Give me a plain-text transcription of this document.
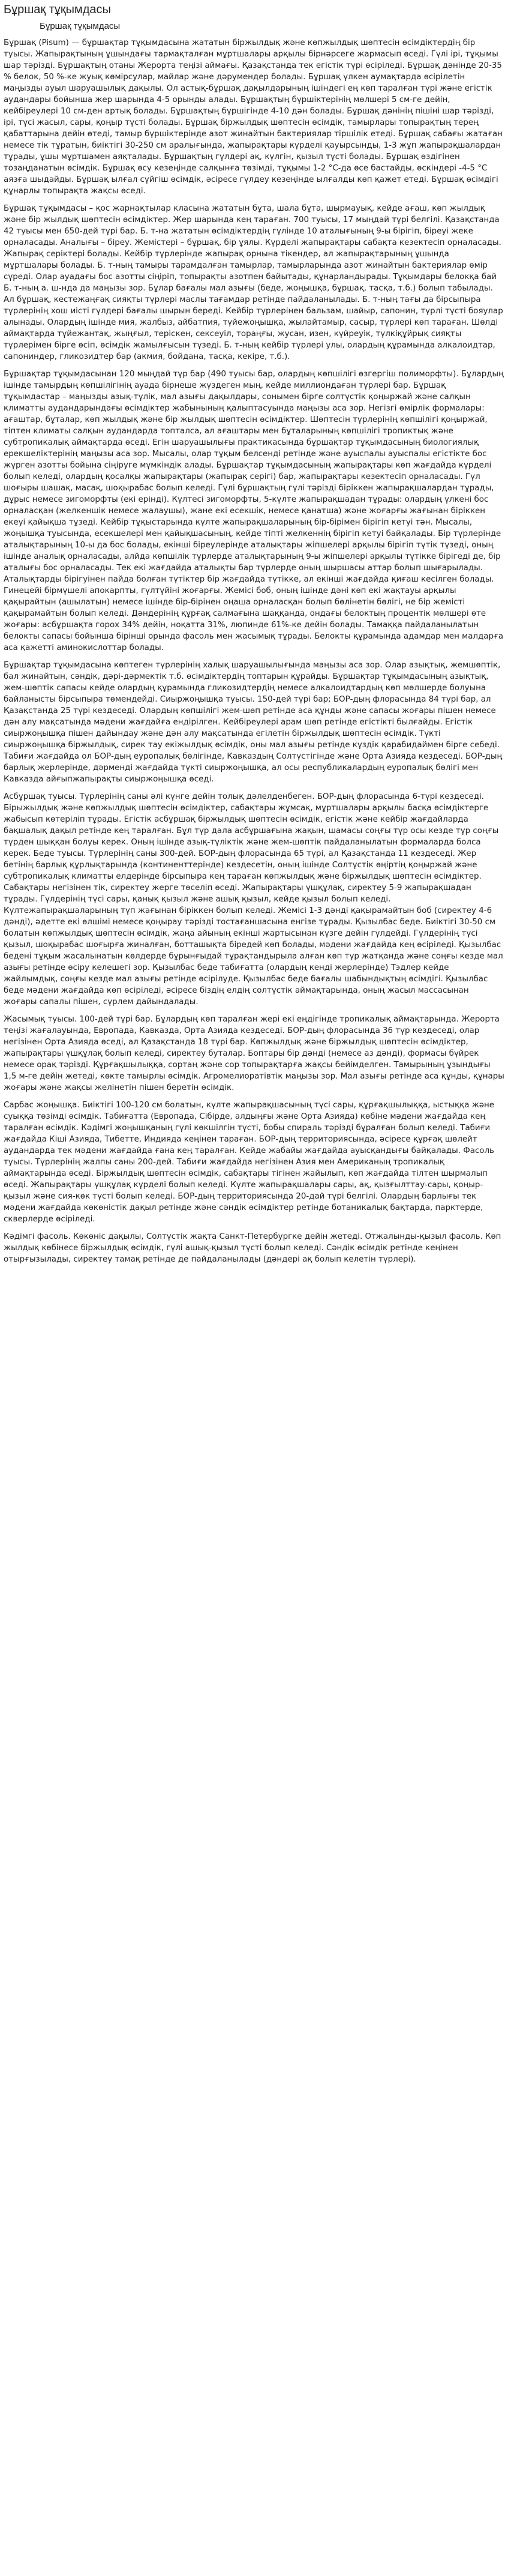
Бұршақ тұқымдасы
Бұршақ тұқымдасы

Бұршақ (Pisum) — бұршақтар тұқымдасына жататын біржылдық және көпжылдық шөптесін өсімдіктердің бір туысы. Жапырақтының ұшындағы тармақталған мұртшалары арқылы бірнәрсеге жармасып өседі. Гүлі ірі, тұқымы шар тәрізді. Бұршақтың отаны Жерорта теңізі аймағы. Қазақстанда тек егістік түрі өсіріледі. Бұршақ дәнінде 20-35 % белок, 50 %-ке жуық көмірсулар, майлар және дәрумендер болады. Бұршақ үлкен аумақтарда өсірілетін маңызды ауыл шаруашылық дақылы. Ол астық-бұршақ дақылдарының ішіндегі ең көп таралған түрі және егістік аудандары бойынша жер шарында 4-5 орынды алады. Бұршақтың бүршіктерінің мөлшері 5 см-ге дейін, кейбіреулері 10 см-ден артық болады. Бұршақтың бүршігінде 4-10 дән болады. Бұршақ дәнінің пішіні шар тәрізді, ірі, түсі жасыл, сары, қоңыр түсті болады. Бұршақ біржылдық шөптесін өсімдік, тамырлары топырақтың терең қабаттарына дейін өтеді, тамыр бүршіктерінде азот жинайтын бактериялар тіршілік етеді. Бұршақ сабағы жатаған немесе тік тұратын, биіктігі 30-250 см аралығында, жапырақтары күрделі қауырсынды, 1-3 жұп жапырақшалардан тұрады, ұшы мұртшамен аяқталады. Бұршақтың гүлдері ақ, күлгін, қызыл түсті болады. Бұршақ өздігінен тозаңданатын өсімдік. Бұршақ өсу кезеңінде салқынға төзімді, тұқымы 1-2 °C-да өсе бастайды, өскіндері -4-5 °C аязға шыдайды. Бұршақ ылғал сүйгіш өсімдік, әсіресе гүлдеу кезеңінде ылғалды көп қажет етеді. Бұршақ өсімдігі құнарлы топырақта жақсы өседі.

Бұршақ тұқымдасы – қос жарнақтылар класына жататын бұта, шала бұта, шырмауық, кейде ағаш, көп жылдық және бір жылдық шөптесін өсімдіктер. Жер шарында кең тараған. 700 туысы, 17 мыңдай түрі белгілі. Қазақстанда 42 туысы мен 650-дей түрі бар. Б. т-на жататын өсімдіктердің гүлінде 10 аталығының 9-ы бірігіп, біреуі жеке орналасады. Аналығы – біреу. Жемістері – бұршақ, бір ұялы. Күрделі жапырақтары сабақта кезектесіп орналасады. Жапырақ серіктері болады. Кейбір түрлерінде жапырақ орнына тікендер, ал жапырақтарының ұшында мұртшалары болады. Б. т-ның тамыры тарамдалған тамырлар, тамырларында азот жинайтын бактериялар өмір сүреді. Олар ауадағы бос азотты сіңіріп, топырақты азотпен байытады, құнарландырады. Тұқымдары белокқа бай Б. т-ның а. ш-нда да маңызы зор. Бұлар бағалы мал азығы (беде, жоңышқа, бұршақ, тасқа, т.б.) болып табылады. Ал бұршақ, кестежаңғақ сияқты түрлері маслы тағамдар ретінде пайдаланылады. Б. т-ның тағы да бірсыпыра түрлерінің хош иісті гүлдері бағалы шырын береді. Кейбір түрлерінен бальзам, шайыр, сапонин, түрлі түсті бояулар алынады. Олардың ішінде мия, жалбыз, айбатпия, түйежоңышқа, жылайтамыр, сасыр, түрлері көп тараған. Шөлді аймақтарда түйежантақ, жыңғыл, теріскен, сексеуіл, тораңғы, жусан, изен, күйреуік, түлкіқұйрық сияқты түрлерімен бірге өсіп, өсімдік жамылғысын түзеді. Б. т-ның кейбір түрлері улы, олардың құрамында алкалоидтар, сапониндер, гликозидтер бар (акмия, бойдана, тасқа, кекіре, т.б.).

Бұршақтар тұқымдасынан 120 мыңдай түр бар (490 туысы бар, олардың көпшілігі өзгергіш полиморфты). Бұлардың ішінде тамырдың көпшілігінің ауада бірнеше жүздеген мың, кейде миллиондаған түрлері бар. Бұршақ тұқымдастар – маңызды азық-түлік, мал азығы дақылдары, сонымен бірге солтүстік қоңыржай және салқын климатты аудандарындағы өсімдіктер жабынының қалыптасуында маңызы аса зор. Негізгі өмірлік формалары: ағаштар, бұталар, көп жылдық және бір жылдық шөптесін өсімдіктер. Шөптесін түрлерінің көпшілігі қоңыржай, тіптен климаты салқын аудандарда топталса, ал ағаштары мен бұталарының көпшілігі тропиктық және субтропикалық аймақтарда өседі. Егін шаруашылығы практикасында бұршақтар тұқымдасының биологиялық ерекшеліктерінің маңызы аса зор. Мысалы, олар тұқым белсенді ретінде және ауыспалы ауыспалы егістікте бос жүрген азотты бойына сіңіруге мүмкіндік алады. Бұршақтар тұқымдасының жапырақтары көп жағдайда күрделі болып келеді, олардың қосалқы жапырақтары (жапырақ серігі) бар, жапырақтары кезектесіп орналасады. Гүл шоғыры шашақ, масақ, шоқырабас болып келеді. Гүлі бұршақтың гүлі тәрізді біріккен жапырақшалардан тұрады, дұрыс немесе зигоморфты (екі ерінді). Күлтесі зигоморфты, 5-күлте жапырақшадан тұрады: олардың үлкені бос орналасқан (желкеншік немесе жалаушы), жане екі есекшік, немесе қанатша) және жоғарғы жағынан біріккен екеуі қайықша тұзеді. Кейбір тұқыстарында күлте жапырақшаларының бір-бірімен бірігіп кетуі тән. Мысалы, жоңышқа туысында, есекшелері мен қайықшасының, кейде тіпті желкеннің бірігіп кетуі байқалады. Бір түрлерінде аталықтарының 10-ы да бос болады, екінші біреулерінде аталықтары жіпшелері арқылы бірігіп түтік түзеді, оның ішінде аналық орналасады, алйда көпшілік түрлерде аталықтарының 9-ы жіпшелері арқылы түтікке бірігеді де, бір аталығы бос орналасады. Тек екі жағдайда аталықты бар түрлерде оның шыршасы аттар болып шығарылады. Аталықтарды бірігуінен пайда болған түтіктер бір жағдайда түтікке, ал екінші жағдайда қиғаш кесілген болады. Гинецейі бірмүшелі апокарпты, гүлтүйіні жоғарғы. Жемісі боб, оның ішінде дәні көп екі жақтауы арқылы қақырайтын (ашылатын) немесе ішінде бір-бірінен оңаша орналасқан болып бөлінетін бөлігі, не бір жемісті қақырамайтын болып келеді. Дәндерінің құрғақ салмағына шаққанда, ондағы белоктың процентік мөлшері өте жоғары: асбұршақта горох 34% дейін, ноқатта 31%, люпинде 61%-ке дейін болады. Тамаққа пайдаланылатын белокты сапасы бойынша бірінші орында фасоль мен жасымық тұрады. Белокты құрамында адамдар мен малдарға аса қажетті аминокислоттар болады.

Бұршақтар тұқымдасына көптеген түрлерінің халық шаруашылығында маңызы аса зор. Олар азықтық, жемшөптік, бал жинайтын, сәндік, дәрі-дәрмектік т.б. өсімдіктердің топтарын құрайды. Бұршақтар тұқымдасының азықтық, жем-шөптік сапасы кейде олардың құрамында гликозидтердің немесе алкалоидтардың көп мөлшерде болуына байланысты бірсыпыра төмендейді. Сиыржоңышқа туысы. 150-дей түрі бар; БОР-дың флорасында 84 түрі бар, ал Қазақстанда 25 түрі кездеседі. Олардың көпшілігі жем-шөп ретінде аса құнды және сапасы жоғары пішен немесе дән алу мақсатында мәдени жағдайға ендірілген. Кейбіреулері арам шөп ретінде егістікті былғайды. Егістік сиыржоңышқа пішен дайындау және дән алу мақсатында егілетін біржылдық шөптесін өсімдік. Түкті сиыржоңышқа біржылдық, сирек тау екіжылдық өсімдік, оны мал азығы ретінде күздік қарабидаймен бірге себеді. Табиғи жағдайда ол БОР-дың еуропалық бөлігінде, Кавказдың Солтүстігінде және Орта Азияда кездеседі. БОР-дың барлық жерлерінде, дәрменді жағдайда түкті сиыржоңышқа, ал осы республикалардың еуропалық бөлігі мен Кавказда айғыпжапырақты сиыржоңышқа өседі.

Асбұршақ туысы. Түрлерінің саны әлі күнге дейін толық дәлелденбеген. БОР-дың флорасында 6-түрі кездеседі. Бірыжылдық және көпжылдық шөптесін өсімдіктер, сабақтары жұмсақ, мұртшалары арқылы басқа өсімдіктерге жабысып көтеріліп тұрады. Егістік асбұршақ біржылдық шөптесін өсімдік, егістік және кейбір жағдайларда бақшалық дақыл ретінде кең таралған. Бұл түр дала асбұршағына жақын, шамасы соңғы түр осы кезде түр соңғы түрден шыққан болуы керек. Оның ішінде азық-түліктік және жем-шөптік пайдаланылатын формаларда болса керек. Беде туысы. Түрлерінің саны 300-дей. БОР-дың флорасында 65 түрі, ал Қазақстанда 11 кездеседі. Жер бетінің барлық құрлықтарында (континенттерінде) кездесетін, оның ішінде Солтүстік өңіртің қоңыржай және субтропикалық климатты елдерінде бірсыпыра кең тараған көпжылдық және біржылдық шөптесін өсімдіктер. Сабақтары негізінен тік, сиректеу жерге төселіп өседі. Жапырақтары үшқұлақ, сиректеу 5-9 жапырақшадан тұрады. Гүлдерінің түсі сары, қанық қызыл және ашық қызыл, кейде қызыл болып келеді. Күлтежапырақшаларының түп жағынан біріккен болып келеді. Жемісі 1-3 дәнді қақырамайтын боб (сиректеу 4-6 дәнді), әдетте екі өлшімі немесе қоңырау тәрізді тостағаншасына енгізе тұрады. Қызылбас беде. Биіктігі 30-50 см болатын көпжылдық шөптесін өсімдік, жаңа айының екінші жартысынан күзге дейін гүлдейді. Гүлдерінің түсі қызыл, шоқырабас шоғырға жиналған, ботташықта біредей көп болады, мәдени жағдайда кең өсіріледі. Қызылбас бедені тұқым жасалынатын көлдерде бұрынғыдай тұрақтандырыла алған көп түр жатқанда және соңғы кезде мал азығы ретінде өсіру келешегі зор. Қызылбас беде табиғатта (олардың кенді жерлерінде) Тэдлер кейде жайлымдық, соңғы кезде мал азығы ретінде өсірілуде. Қызылбас беде бағалы шабындықтың өсімдігі. Қызылбас беде мәдени жағдайда көп өсіріледі, әсіресе біздің елдің солтүстік аймақтарында, оның жасыл массасынан жоғары сапалы пішен, сүрлем дайындалады.

Жасымық туысы. 100-дей түрі бар. Бұлардың көп таралған жері екі еңдігінде тропикалық аймақтарында. Жерорта теңізі жағалауында, Европада, Кавказда, Орта Азияда кездеседі. БОР-дың флорасында 36 түр кездеседі, олар негізінен Орта Азияда өседі, ал Қазақстанда 18 түрі бар. Көпжылдық және біржылдық шөптесін өсімдіктер, жапырақтары үшқұлақ болып келеді, сиректеу буталар. Боптары бір дәнді (немесе аз дәнді), формасы бүйрек немесе орақ тәрізді. Құрғақшылыққа, сортаң және сор топырақтарға жақсы бейімделген. Тамырының ұзындығы 1,5 м-ге дейін жетеді, көкте тамырлы өсімдік. Агромелиоратівтік маңызы зор. Мал азығы ретінде аса құнды, құнары жоғары және жақсы желінетін пішен беретін өсімдік.

Сарбас жоңышқа. Биіктігі 100-120 см болатын, күлте жапырақшасының түсі сары, құрғақшылыққа, ыстыққа және суыққа төзімді өсімдік. Табиғатта (Европада, Сібірде, алдыңғы және Орта Азияда) көбіне мәдени жағдайда кең таралған өсімдік. Кәдімгі жоңышқаның гүлі көкшілгін түсті, бобы спираль тәрізді бұралған болып келеді. Табиғи жағдайда Кіші Азияда, Тибетте, Индияда кеңінен тараған. БОР-дың территориясында, әсіресе құрғақ шөлейт аудандарда тек мәдени жағдайда ғана кең таралған. Кейде жабайы жағдайда ауысқандығы байқалады. Фасоль туысы. Түрлерінің жалпы саны 200-дей. Табиғи жағдайда негізінен Азия мен Американың тропикалық аймақтарында өседі. Біржылдық шөптесін өсімдік, сабақтары тігінен жайылып, көп жағдайда тілтен шырмалып өседі. Жапырақтары үшқұлақ күрделі болып келеді. Күлте жапырақшалары сары, ақ, қызғылттау-сары, қоңыр-қызыл және сия-көк түсті болып келеді. БОР-дың территориясында 20-дай түрі белгілі. Олардың барлығы тек мәдени жағдайда көкөністік дақыл ретінде және сәндік өсімдіктер ретінде ботаникалық бақтарда, парктерде, скверлерде өсіріледі.

Кәдімгі фасоль. Көкөніс дақылы, Солтүстік жақта Санкт-Петербургке дейін жетеді. Отжалынды-қызыл фасоль. Көп жылдық көбінесе біржылдық өсімдік, гүлі ашық-қызыл түсті болып келеді. Сәндік өсімдік ретінде кеңінен отырғызылады, сиректеу тамақ ретінде де пайдаланылады (дәндері ақ болып келетін түрлері).
